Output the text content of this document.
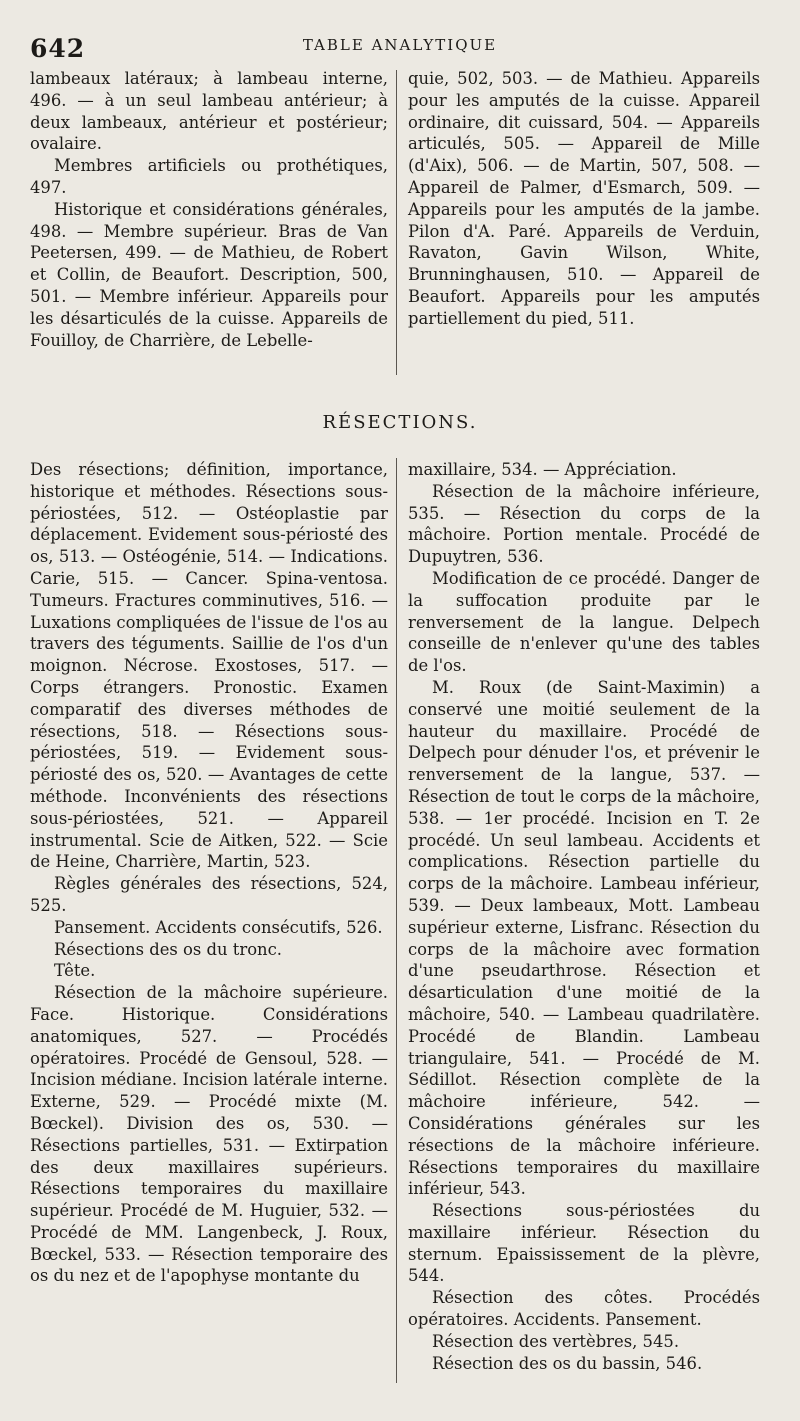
642	TABLE ANALYTIQUE

lambeaux latéraux; à lambeau interne, 496. — à un seul lambeau antérieur; à deux lambeaux, antérieur et postérieur; ovalaire.

Membres artificiels ou prothétiques, 497.

Historique et considérations générales, 498. — Membre supérieur. Bras de Van Peetersen, 499. — de Mathieu, de Robert et Collin, de Beaufort. Description, 500, 501. — Membre inférieur. Appareils pour les désarticulés de la cuisse. Appareils de Fouilloy, de Charrière, de Lebelle-

quie, 502, 503. — de Mathieu. Appareils pour les amputés de la cuisse. Appareil ordinaire, dit cuissard, 504. — Appareils articulés, 505. — Appareil de Mille (d'Aix), 506. — de Martin, 507, 508. — Appareil de Palmer, d'Esmarch, 509. — Appareils pour les amputés de la jambe. Pilon d'A. Paré. Appareils de Verduin, Ravaton, Gavin Wilson, White, Brunninghausen, 510. — Appareil de Beaufort. Appareils pour les amputés partiellement du pied, 511.

RÉSECTIONS.

Des résections; définition, importance, historique et méthodes. Résections sous-périostées, 512. — Ostéoplastie par déplacement. Evidement sous-périosté des os, 513. — Ostéogénie, 514. — Indications. Carie, 515. — Cancer. Spina-ventosa. Tumeurs. Fractures comminutives, 516. — Luxations compliquées de l'issue de l'os au travers des téguments. Saillie de l'os d'un moignon. Nécrose. Exostoses, 517. — Corps étrangers. Pronostic. Examen comparatif des diverses méthodes de résections, 518. — Résections sous-périostées, 519. — Evidement sous-périosté des os, 520. — Avantages de cette méthode. Inconvénients des résections sous-périostées, 521. — Appareil instrumental. Scie de Aitken, 522. — Scie de Heine, Charrière, Martin, 523.

Règles générales des résections, 524, 525.

Pansement. Accidents consécutifs, 526.

Résections des os du tronc.

Tête.

Résection de la mâchoire supérieure. Face. Historique. Considérations anatomiques, 527. — Procédés opératoires. Procédé de Gensoul, 528. — Incision médiane. Incision latérale interne. Externe, 529. — Procédé mixte (M. Bœckel). Division des os, 530. — Résections partielles, 531. — Extirpation des deux maxillaires supérieurs. Résections temporaires du maxillaire supérieur. Procédé de M. Huguier, 532. — Procédé de MM. Langenbeck, J. Roux, Bœckel, 533. — Résection temporaire des os du nez et de l'apophyse montante du

maxillaire, 534. — Appréciation.

Résection de la mâchoire inférieure, 535. — Résection du corps de la mâchoire. Portion mentale. Procédé de Dupuytren, 536.

Modification de ce procédé. Danger de la suffocation produite par le renversement de la langue. Delpech conseille de n'enlever qu'une des tables de l'os.

M. Roux (de Saint-Maximin) a conservé une moitié seulement de la hauteur du maxillaire. Procédé de Delpech pour dénuder l'os, et prévenir le renversement de la langue, 537. — Résection de tout le corps de la mâchoire, 538. — 1er procédé. Incision en T. 2e procédé. Un seul lambeau. Accidents et complications. Résection partielle du corps de la mâchoire. Lambeau inférieur, 539. — Deux lambeaux, Mott. Lambeau supérieur externe, Lisfranc. Résection du corps de la mâchoire avec formation d'une pseudarthrose. Résection et désarticulation d'une moitié de la mâchoire, 540. — Lambeau quadrilatère. Procédé de Blandin. Lambeau triangulaire, 541. — Procédé de M. Sédillot. Résection complète de la mâchoire inférieure, 542. — Considérations générales sur les résections de la mâchoire inférieure. Résections temporaires du maxillaire inférieur, 543.

Résections sous-périostées du maxillaire inférieur. Résection du sternum. Epaississement de la plèvre, 544.

Résection des côtes. Procédés opératoires. Accidents. Pansement.

Résection des vertèbres, 545.

Résection des os du bassin, 546.
